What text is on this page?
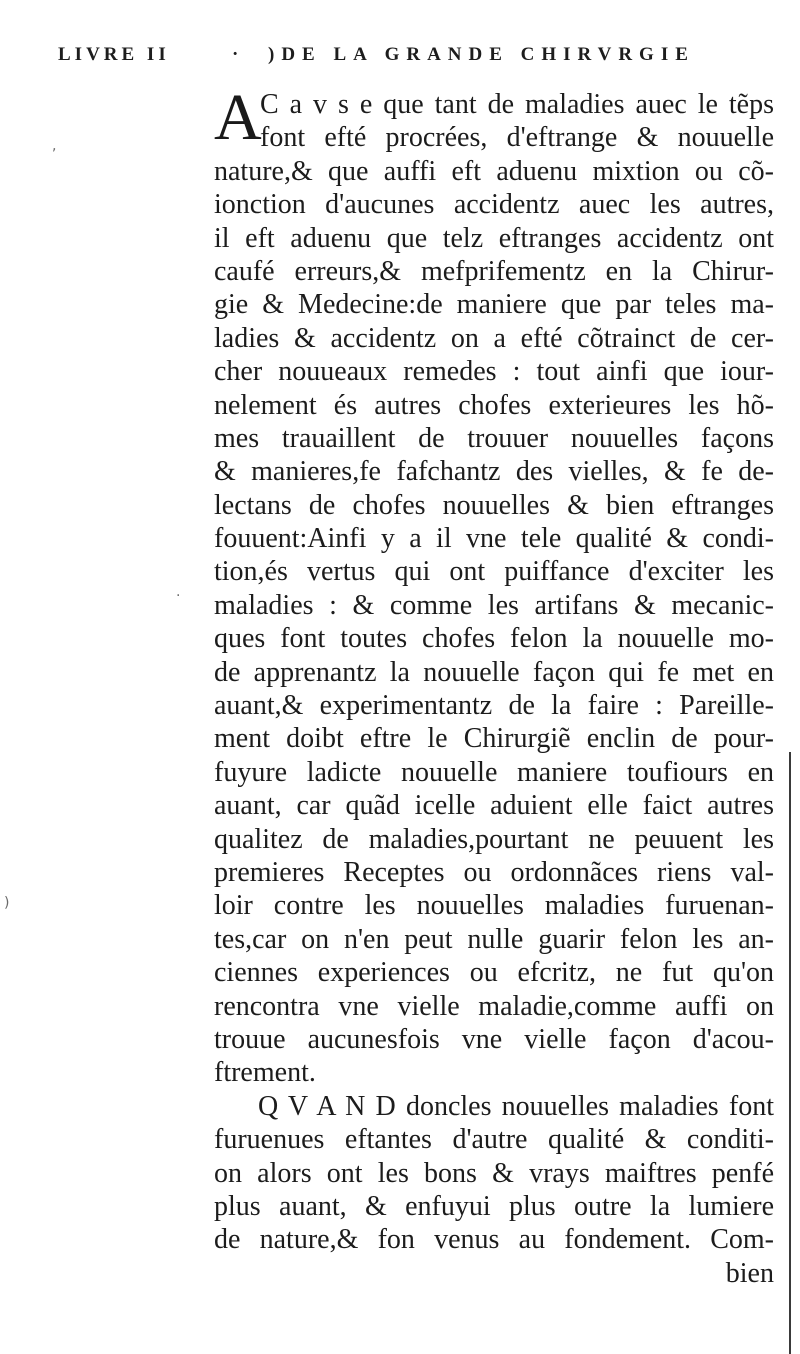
LIVRE II	· )DE LA GRANDE CHIRVRGIE
A
C a v s e que tant de maladies auec le tẽps
font efté procrées, d'eftrange & nouuelle
nature,& que auffi eft aduenu mixtion ou cõ-
ionction d'aucunes accidentz auec les autres,
il eft aduenu que telz eftranges accidentz ont
caufé erreurs,& mefprifementz en la Chirur-
gie & Medecine:de maniere que par teles ma-
ladies & accidentz on a efté cõtrainct de cer-
cher nouueaux remedes : tout ainfi que iour-
nelement és autres chofes exterieures les hõ-
mes trauaillent de trouuer nouuelles façons
& manieres,fe fafchantz des vielles, & fe de-
lectans de chofes nouuelles & bien eftranges
fouuent:Ainfi y a il vne tele qualité & condi-
tion,és vertus qui ont puiffance d'exciter les
maladies : & comme les artifans & mecanic-
ques font toutes chofes felon la nouuelle mo-
de apprenantz la nouuelle façon qui fe met en
auant,& experimentantz de la faire : Pareille-
ment doibt eftre le Chirurgiẽ enclin de pour-
fuyure ladicte nouuelle maniere toufiours en
auant, car quãd icelle aduient elle faict autres
qualitez de maladies,pourtant ne peuuent les
premieres Receptes ou ordonnãces riens val-
loir contre les nouuelles maladies furuenan-
tes,car on n'en peut nulle guarir felon les an-
ciennes experiences ou efcritz, ne fut qu'on
rencontra vne vielle maladie,comme auffi on
trouue aucunesfois vne vielle façon d'acou-
ftrement.
Q V A N D doncles nouuelles maladies font
furuenues eftantes d'autre qualité & conditi-
on alors ont les bons & vrays maiftres penfé
plus auant, & enfuyui plus outre la lumiere
de nature,& fon venus au fondement. Com-
bien
,
·
)
